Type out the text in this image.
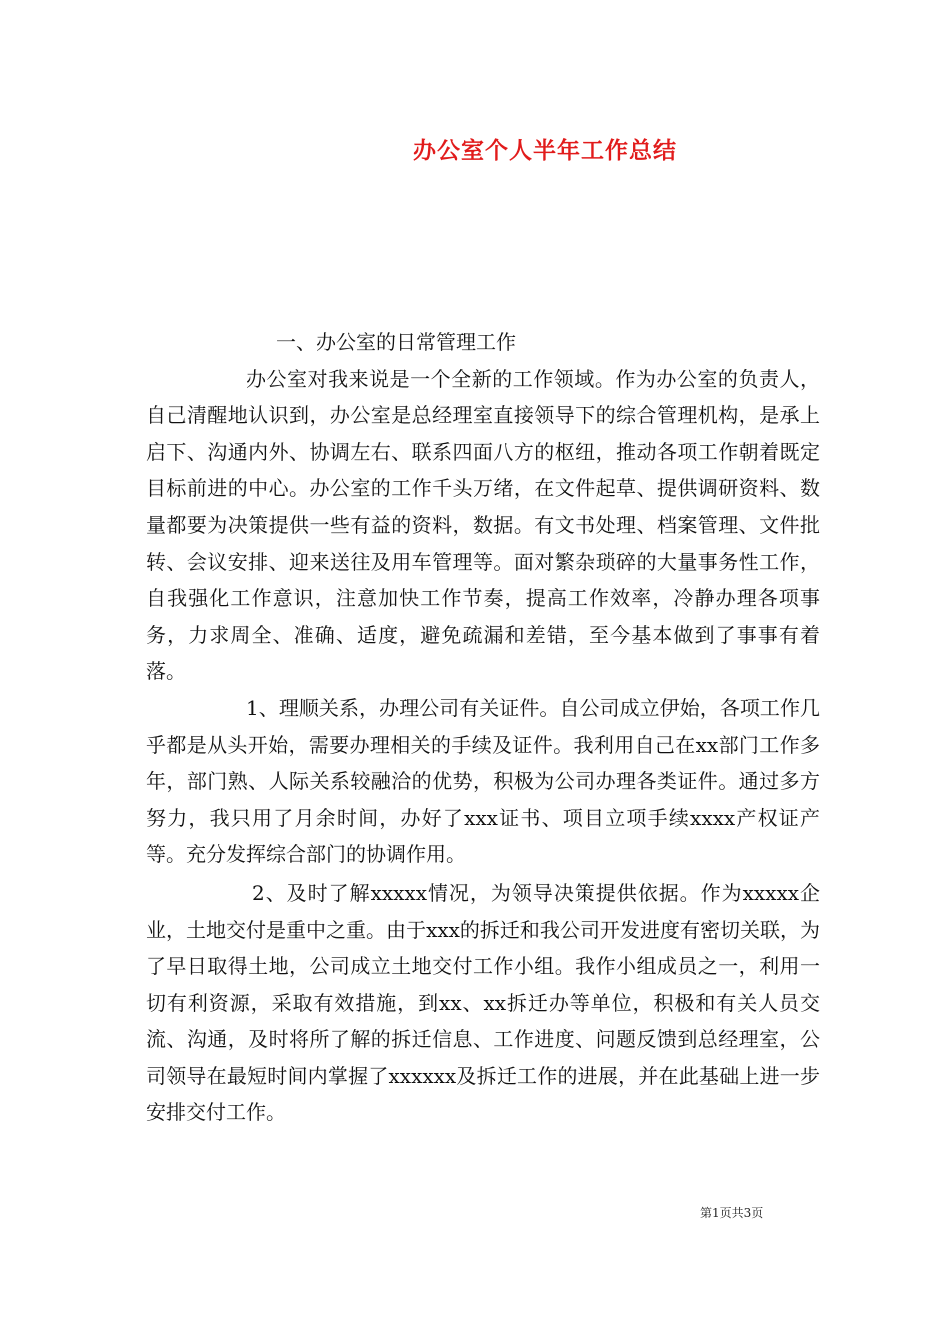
办公室个人半年工作总结

一、办公室的日常管理工作

办公室对我来说是一个全新的工作领域。作为办公室的负责人，自己清醒地认识到，办公室是总经理室直接领导下的综合管理机构，是承上启下、沟通内外、协调左右、联系四面八方的枢纽，推动各项工作朝着既定目标前进的中心。办公室的工作千头万绪，在文件起草、提供调研资料、数量都要为决策提供一些有益的资料，数据。有文书处理、档案管理、文件批转、会议安排、迎来送往及用车管理等。面对繁杂琐碎的大量事务性工作，自我强化工作意识，注意加快工作节奏，提高工作效率，冷静办理各项事务，力求周全、准确、适度，避免疏漏和差错，至今基本做到了事事有着落。

1、理顺关系，办理公司有关证件。自公司成立伊始，各项工作几乎都是从头开始，需要办理相关的手续及证件。我利用自己在xx部门工作多年，部门熟、人际关系较融洽的优势，积极为公司办理各类证件。通过多方努力，我只用了月余时间，办好了xxx证书、项目立项手续xxxx产权证产等。充分发挥综合部门的协调作用。

2、及时了解xxxxx情况，为领导决策提供依据。作为xxxxx企业，土地交付是重中之重。由于xxx的拆迁和我公司开发进度有密切关联，为了早日取得土地，公司成立土地交付工作小组。我作小组成员之一，利用一切有利资源，采取有效措施，到xx、xx拆迁办等单位，积极和有关人员交流、沟通，及时将所了解的拆迁信息、工作进度、问题反馈到总经理室，公司领导在最短时间内掌握了xxxxxx及拆迁工作的进展，并在此基础上进一步安排交付工作。

第1页共3页
